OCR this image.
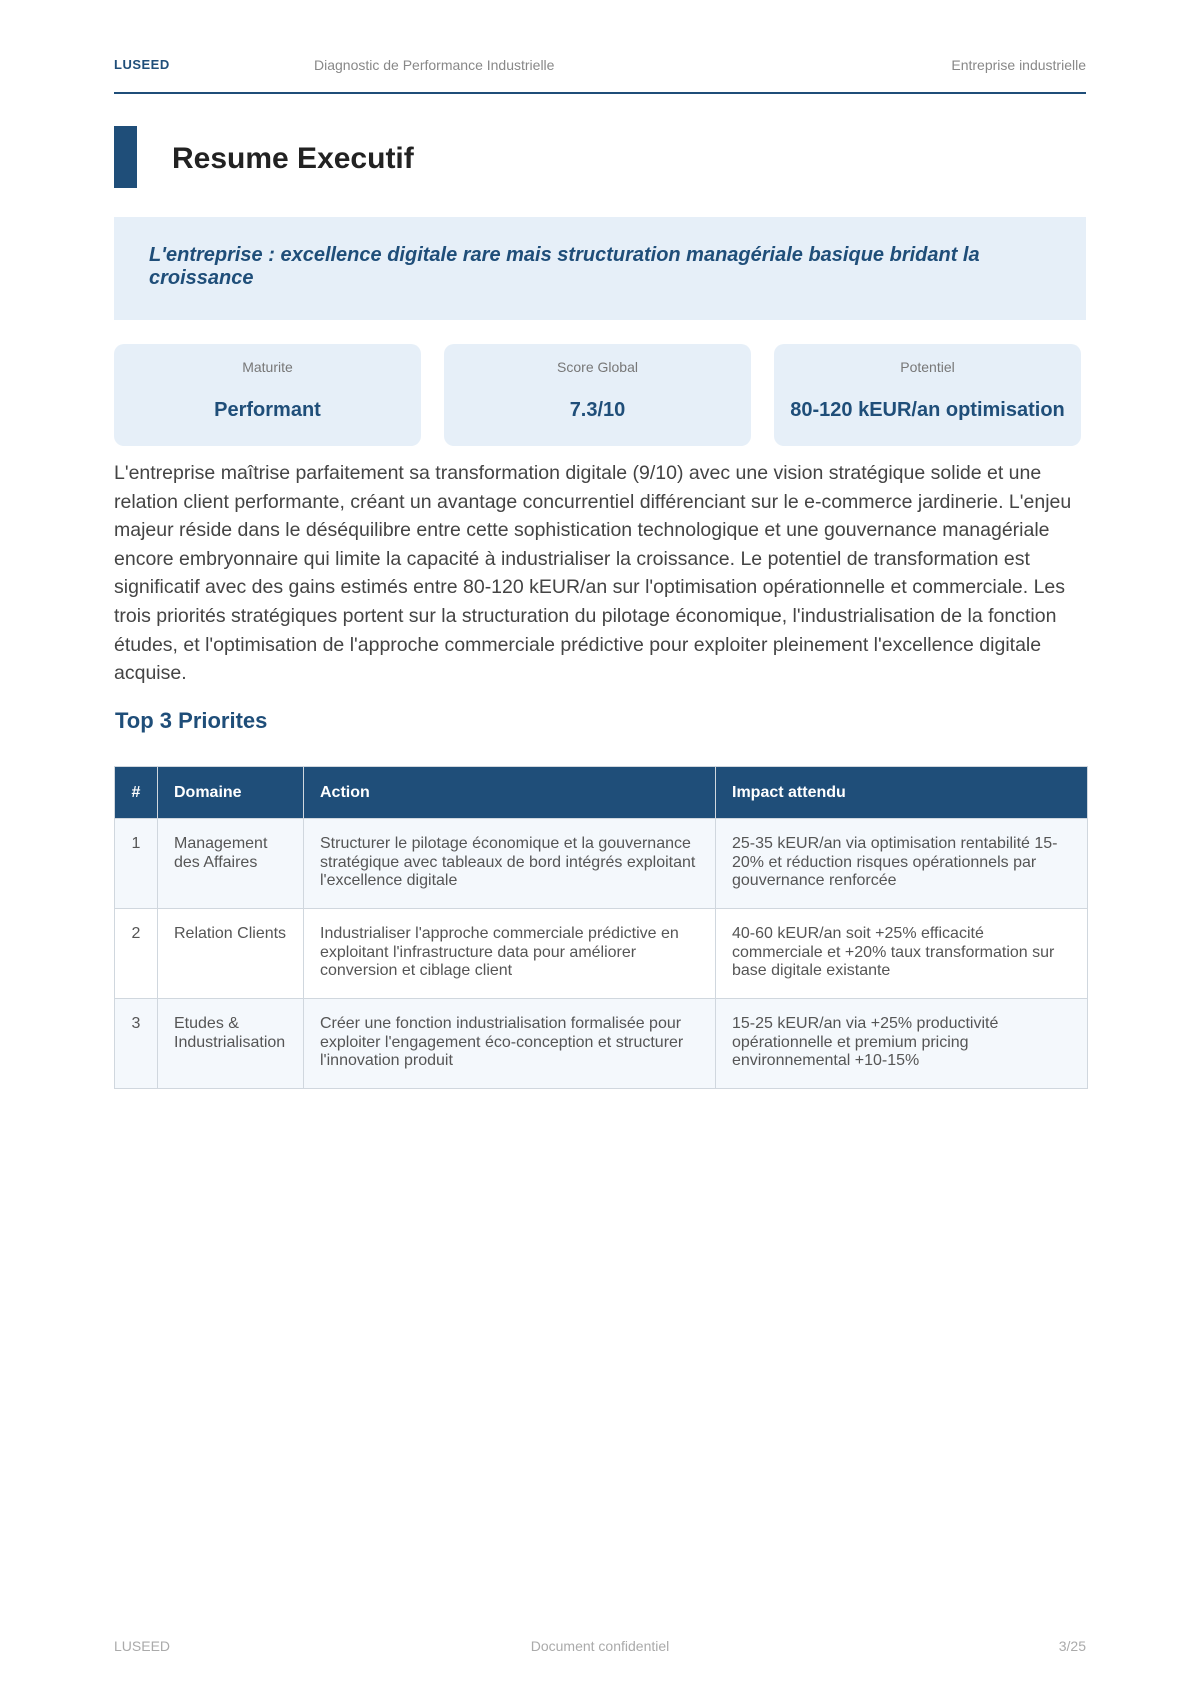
LUSEED	Diagnostic de Performance Industrielle	Entreprise industrielle
Resume Executif

L'entreprise : excellence digitale rare mais structuration managériale basique bridant la croissance

Maturite
Performant
Score Global
7.3/10
Potentiel
80-120 kEUR/an optimisation

L'entreprise maîtrise parfaitement sa transformation digitale (9/10) avec une vision stratégique solide et une relation client performante, créant un avantage concurrentiel différenciant sur le e-commerce jardinerie. L'enjeu majeur réside dans le déséquilibre entre cette sophistication technologique et une gouvernance managériale encore embryonnaire qui limite la capacité à industrialiser la croissance. Le potentiel de transformation est significatif avec des gains estimés entre 80-120 kEUR/an sur l'optimisation opérationnelle et commerciale. Les trois priorités stratégiques portent sur la structuration du pilotage économique, l'industrialisation de la fonction études, et l'optimisation de l'approche commerciale prédictive pour exploiter pleinement l'excellence digitale acquise.

Top 3 Priorites
#	Domaine	Action	Impact attendu
1	Management des Affaires	Structurer le pilotage économique et la gouvernance stratégique avec tableaux de bord intégrés exploitant l'excellence digitale	25-35 kEUR/an via optimisation rentabilité 15-20% et réduction risques opérationnels par gouvernance renforcée
2	Relation Clients	Industrialiser l'approche commerciale prédictive en exploitant l'infrastructure data pour améliorer conversion et ciblage client	40-60 kEUR/an soit +25% efficacité commerciale et +20% taux transformation sur base digitale existante
3	Etudes & Industrialisation	Créer une fonction industrialisation formalisée pour exploiter l'engagement éco-conception et structurer l'innovation produit	15-25 kEUR/an via +25% productivité opérationnelle et premium pricing environnemental +10-15%
LUSEED	Document confidentiel	3/25
